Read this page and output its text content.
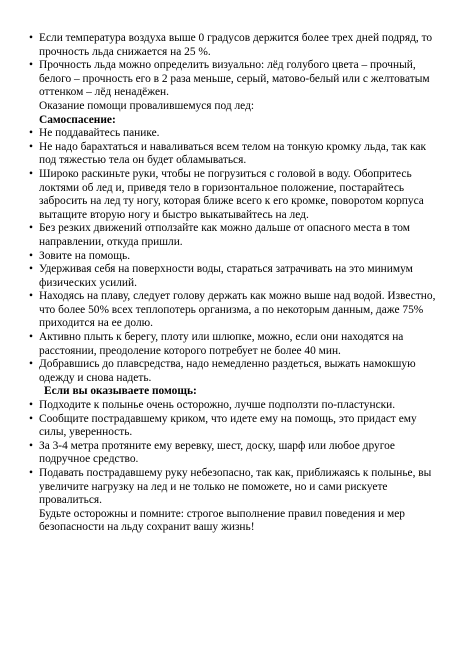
• Если температура воздуха выше 0 градусов держится более трех дней подряд, то прочность льда снижается на 25 %.
• Прочность льда можно определить визуально: лёд голубого цвета – прочный, белого – прочность его в 2 раза меньше, серый, матово-белый или с желтоватым оттенком – лёд ненадёжен.

Оказание помощи провалившемуся под лед:

Самоспасение:

• Не поддавайтесь панике.
• Не надо барахтаться и наваливаться всем телом на тонкую кромку льда, так как под тяжестью тела он будет обламываться.
• Широко раскиньте руки, чтобы не погрузиться с головой в воду. Обопритесь локтями об лед и, приведя тело в горизонтальное положение, постарайтесь забросить на лед ту ногу, которая ближе всего к его кромке, поворотом корпуса вытащите вторую ногу и быстро выкатывайтесь на лед.
• Без резких движений отползайте как можно дальше от опасного места в том направлении, откуда пришли.
• Зовите на помощь.
• Удерживая себя на поверхности воды, стараться затрачивать на это минимум физических усилий.
• Находясь на плаву, следует голову держать как можно выше над водой. Известно, что более 50% всех теплопотерь организма, а по некоторым данным, даже 75% приходится на ее долю.
• Активно плыть к берегу, плоту или шлюпке, можно, если они находятся на расстоянии, преодоление которого потребует не более 40 мин.
• Добравшись до плавсредства, надо немедленно раздеться, выжать намокшую одежду и снова надеть.

Если вы оказываете помощь:

• Подходите к полынье очень осторожно, лучше подползти по-пластунски.
• Сообщите пострадавшему криком, что идете ему на помощь, это придаст ему силы, уверенность.
• За 3-4 метра протяните ему веревку, шест, доску, шарф или любое другое подручное средство.
• Подавать пострадавшему руку небезопасно, так как, приближаясь к полынье, вы увеличите нагрузку на лед и не только не поможете, но и сами рискуете провалиться.

Будьте осторожны и помните: строгое выполнение правил поведения и мер безопасности на льду сохранит вашу жизнь!
